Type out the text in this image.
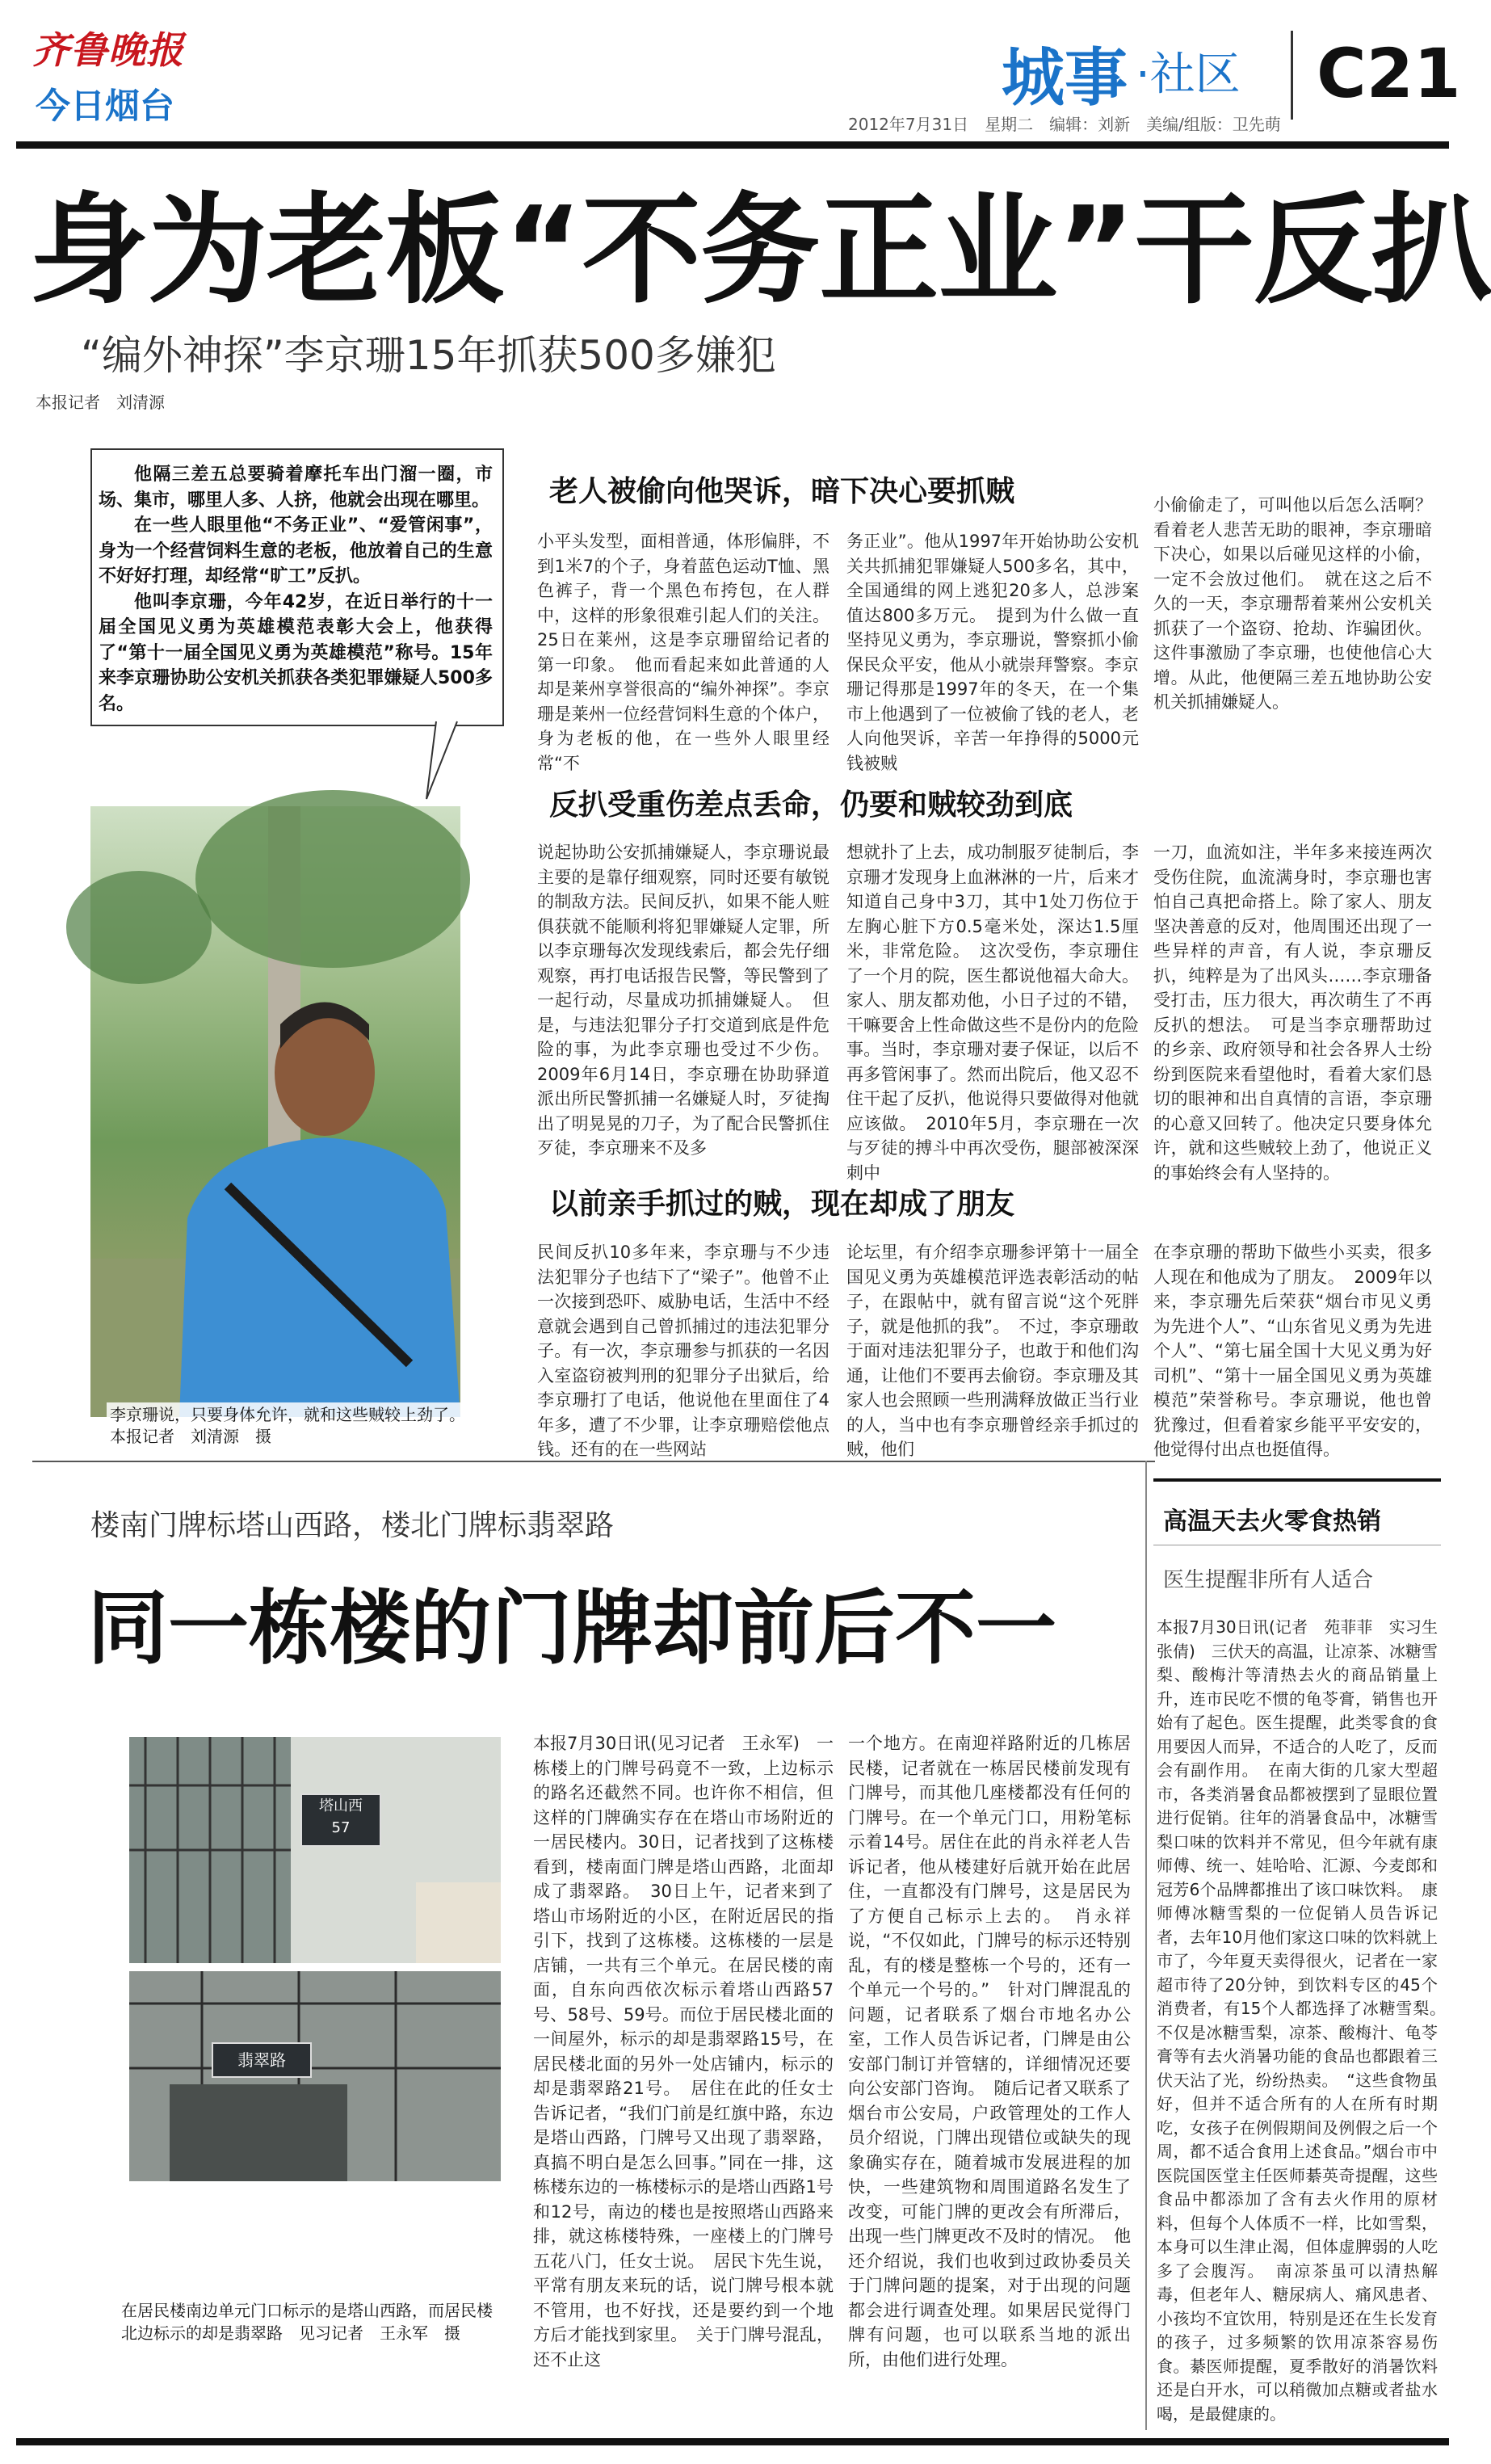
齐鲁晚报
今日烟台	城事 ·社区 C21
2012年7月31日　星期二　编辑：刘新　美编/组版：卫先萌
身为老板“不务正业”干反扒
“编外神探”李京珊15年抓获500多嫌犯
本报记者　刘清源

他隔三差五总要骑着摩托车出门溜一圈，市场、集市，哪里人多、人挤，他就会出现在哪里。

在一些人眼里他“不务正业”、“爱管闲事”，身为一个经营饲料生意的老板，他放着自己的生意不好好打理，却经常“旷工”反扒。

他叫李京珊，今年42岁，在近日举行的十一届全国见义勇为英雄模范表彰大会上，他获得了“第十一届全国见义勇为英雄模范”称号。15年来李京珊协助公安机关抓获各类犯罪嫌疑人500多名。

李京珊说，只要身体允许，就和这些贼较上劲了。　本报记者　刘清源　摄
老人被偷向他哭诉，暗下决心要抓贼
小平头发型，面相普通，体形偏胖，不到1米7的个子，身着蓝色运动T恤、黑色裤子，背一个黑色布挎包，在人群中，这样的形象很难引起人们的关注。25日在莱州，这是李京珊留给记者的第一印象。　他而看起来如此普通的人却是莱州享誉很高的“编外神探”。李京珊是莱州一位经营饲料生意的个体户，身为老板的他，在一些外人眼里经常“不
务正业”。他从1997年开始协助公安机关共抓捕犯罪嫌疑人500多名，其中，全国通缉的网上逃犯20多人，总涉案值达800多万元。　提到为什么做一直坚持见义勇为，李京珊说，警察抓小偷保民众平安，他从小就崇拜警察。李京珊记得那是1997年的冬天，在一个集市上他遇到了一位被偷了钱的老人，老人向他哭诉，辛苦一年挣得的5000元钱被贼
小偷偷走了，可叫他以后怎么活啊？看着老人悲苦无助的眼神，李京珊暗下决心，如果以后碰见这样的小偷，一定不会放过他们。　就在这之后不久的一天，李京珊帮着莱州公安机关抓获了一个盗窃、抢劫、诈骗团伙。这件事激励了李京珊，也使他信心大增。从此，他便隔三差五地协助公安机关抓捕嫌疑人。
反扒受重伤差点丢命，仍要和贼较劲到底
说起协助公安抓捕嫌疑人，李京珊说最主要的是靠仔细观察，同时还要有敏锐的制敌方法。民间反扒，如果不能人赃俱获就不能顺利将犯罪嫌疑人定罪，所以李京珊每次发现线索后，都会先仔细观察，再打电话报告民警，等民警到了一起行动，尽量成功抓捕嫌疑人。　但是，与违法犯罪分子打交道到底是件危险的事，为此李京珊也受过不少伤。2009年6月14日，李京珊在协助驿道派出所民警抓捕一名嫌疑人时，歹徒掏出了明晃晃的刀子，为了配合民警抓住歹徒，李京珊来不及多
想就扑了上去，成功制服歹徒制后，李京珊才发现身上血淋淋的一片，后来才知道自己身中3刀，其中1处刀伤位于左胸心脏下方0.5毫米处，深达1.5厘米，非常危险。　这次受伤，李京珊住了一个月的院，医生都说他福大命大。家人、朋友都劝他，小日子过的不错，干嘛要舍上性命做这些不是份内的危险事。当时，李京珊对妻子保证，以后不再多管闲事了。然而出院后，他又忍不住干起了反扒，他说得只要做得对他就应该做。　2010年5月，李京珊在一次与歹徒的搏斗中再次受伤，腿部被深深刺中
一刀，血流如注，半年多来接连两次受伤住院，血流满身时，李京珊也害怕自己真把命搭上。除了家人、朋友坚决善意的反对，他周围还出现了一些异样的声音，有人说，李京珊反扒，纯粹是为了出风头……李京珊备受打击，压力很大，再次萌生了不再反扒的想法。　可是当李京珊帮助过的乡亲、政府领导和社会各界人士纷纷到医院来看望他时，看着大家们恳切的眼神和出自真情的言语，李京珊的心意又回转了。他决定只要身体允许，就和这些贼较上劲了，他说正义的事始终会有人坚持的。
以前亲手抓过的贼，现在却成了朋友
民间反扒10多年来，李京珊与不少违法犯罪分子也结下了“梁子”。他曾不止一次接到恐吓、威胁电话，生活中不经意就会遇到自己曾抓捕过的违法犯罪分子。有一次，李京珊参与抓获的一名因入室盗窃被判刑的犯罪分子出狱后，给李京珊打了电话，他说他在里面住了4年多，遭了不少罪，让李京珊赔偿他点钱。还有的在一些网站
论坛里，有介绍李京珊参评第十一届全国见义勇为英雄模范评选表彰活动的帖子，在跟帖中，就有留言说“这个死胖子，就是他抓的我”。　不过，李京珊敢于面对违法犯罪分子，也敢于和他们沟通，让他们不要再去偷窃。李京珊及其家人也会照顾一些刑满释放做正当行业的人，当中也有李京珊曾经亲手抓过的贼，他们
在李京珊的帮助下做些小买卖，很多人现在和他成为了朋友。　2009年以来，李京珊先后荣获“烟台市见义勇为先进个人”、“山东省见义勇为先进个人”、“第七届全国十大见义勇为好司机”、“第十一届全国见义勇为英雄模范”荣誉称号。李京珊说，他也曾犹豫过，但看着家乡能平平安安的，他觉得付出点也挺值得。
楼南门牌标塔山西路，楼北门牌标翡翠路
同一栋楼的门牌却前后不一
塔山西
57
翡翠路
在居民楼南边单元门口标示的是塔山西路，而居民楼北边标示的却是翡翠路　见习记者　王永军　摄
本报7月30日讯(见习记者　王永军)　一栋楼上的门牌号码竟不一致，上边标示的路名还截然不同。也许你不相信，但这样的门牌确实存在在塔山市场附近的一居民楼内。30日，记者找到了这栋楼看到，楼南面门牌是塔山西路，北面却成了翡翠路。　30日上午，记者来到了塔山市场附近的小区，在附近居民的指引下，找到了这栋楼。这栋楼的一层是店铺，一共有三个单元。在居民楼的南面，自东向西依次标示着塔山西路57号、58号、59号。而位于居民楼北面的一间屋外，标示的却是翡翠路15号，在居民楼北面的另外一处店铺内，标示的却是翡翠路21号。　居住在此的任女士告诉记者，“我们门前是红旗中路，东边是塔山西路，门牌号又出现了翡翠路，真搞不明白是怎么回事。”同在一排，这栋楼东边的一栋楼标示的是塔山西路1号和12号，南边的楼也是按照塔山西路来排，就这栋楼特殊，一座楼上的门牌号五花八门，任女士说。　居民卞先生说，平常有朋友来玩的话，说门牌号根本就不管用，也不好找，还是要约到一个地方后才能找到家里。　关于门牌号混乱，还不止这
一个地方。在南迎祥路附近的几栋居民楼，记者就在一栋居民楼前发现有门牌号，而其他几座楼都没有任何的门牌号。在一个单元门口，用粉笔标示着14号。居住在此的肖永祥老人告诉记者，他从楼建好后就开始在此居住，一直都没有门牌号，这是居民为了方便自己标示上去的。　肖永祥说，“不仅如此，门牌号的标示还特别乱，有的楼是整栋一个号的，还有一个单元一个号的。”　针对门牌混乱的问题，记者联系了烟台市地名办公室，工作人员告诉记者，门牌是由公安部门制订并管辖的，详细情况还要向公安部门咨询。　随后记者又联系了烟台市公安局，户政管理处的工作人员介绍说，门牌出现错位或缺失的现象确实存在，随着城市发展进程的加快，一些建筑物和周围道路名发生了改变，可能门牌的更改会有所滞后，出现一些门牌更改不及时的情况。　他还介绍说，我们也收到过政协委员关于门牌问题的提案，对于出现的问题都会进行调查处理。如果居民觉得门牌有问题，也可以联系当地的派出所，由他们进行处理。
高温天去火零食热销
医生提醒非所有人适合
本报7月30日讯(记者　苑菲菲　实习生　张倩)　三伏天的高温，让凉茶、冰糖雪梨、酸梅汁等清热去火的商品销量上升，连市民吃不惯的龟苓膏，销售也开始有了起色。医生提醒，此类零食的食用要因人而异，不适合的人吃了，反而会有副作用。　在南大街的几家大型超市，各类消暑食品都被摆到了显眼位置进行促销。往年的消暑食品中，冰糖雪梨口味的饮料并不常见，但今年就有康师傅、统一、娃哈哈、汇源、今麦郎和冠芳6个品牌都推出了该口味饮料。　康师傅冰糖雪梨的一位促销人员告诉记者，去年10月他们家这口味的饮料就上市了，今年夏天卖得很火，记者在一家超市待了20分钟，到饮料专区的45个消费者，有15个人都选择了冰糖雪梨。　不仅是冰糖雪梨，凉茶、酸梅汁、龟苓膏等有去火消暑功能的食品也都跟着三伏天沾了光，纷纷热卖。　“这些食物虽好，但并不适合所有的人在所有时期吃，女孩子在例假期间及例假之后一个周，都不适合食用上述食品。”烟台市中医院国医堂主任医师綦英奇提醒，这些食品中都添加了含有去火作用的原材料，但每个人体质不一样，比如雪梨，本身可以生津止渴，但体虚脾弱的人吃多了会腹泻。　南凉茶虽可以清热解毒，但老年人、糖尿病人、痛风患者、小孩均不宜饮用，特别是还在生长发育的孩子，过多频繁的饮用凉茶容易伤食。綦医师提醒，夏季散好的消暑饮料还是白开水，可以稍微加点糖或者盐水喝，是最健康的。
